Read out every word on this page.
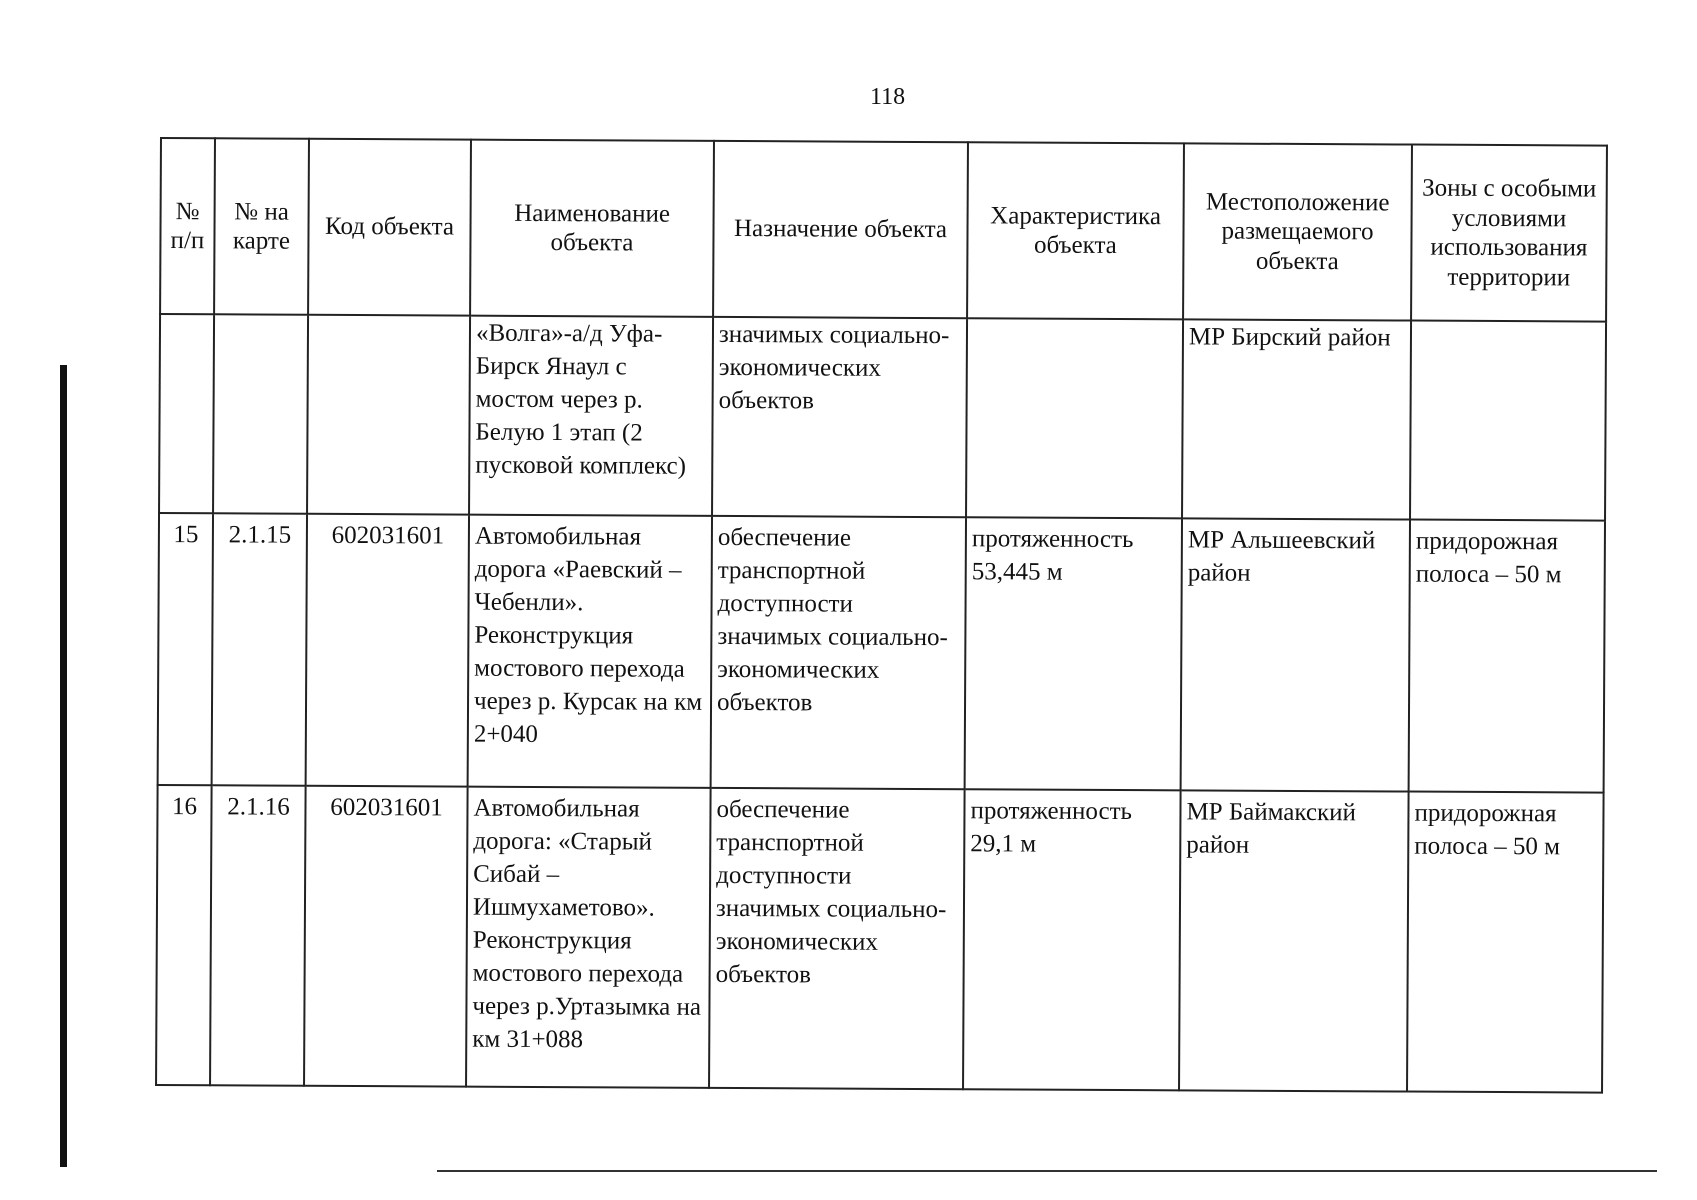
118
№ п/п	№ на карте	Код объекта	Наименование объекта	Назначение объекта	Характеристика объекта	Местоположение размещаемого объекта	Зоны с особыми условиями использования территории
			«Волга»-а/д Уфа-Бирск Янаул с мостом через р. Белую 1 этап (2 пусковой комплекс)	значимых социально-экономических объектов		МР Бирский район	
15	2.1.15	602031601	Автомобильная дорога «Раевский – Чебенли». Реконструкция мостового перехода через р. Курсак на км 2+040	обеспечение транспортной доступности значимых социально-экономических объектов	протяженность 53,445 м	МР Альшеевский район	придорожная полоса – 50 м
16	2.1.16	602031601	Автомобильная дорога: «Старый Сибай – Ишмухаметово». Реконструкция мостового перехода через р.Уртазымка на км 31+088	обеспечение транспортной доступности значимых социально-экономических объектов	протяженность 29,1 м	МР Баймакский район	придорожная полоса – 50 м
